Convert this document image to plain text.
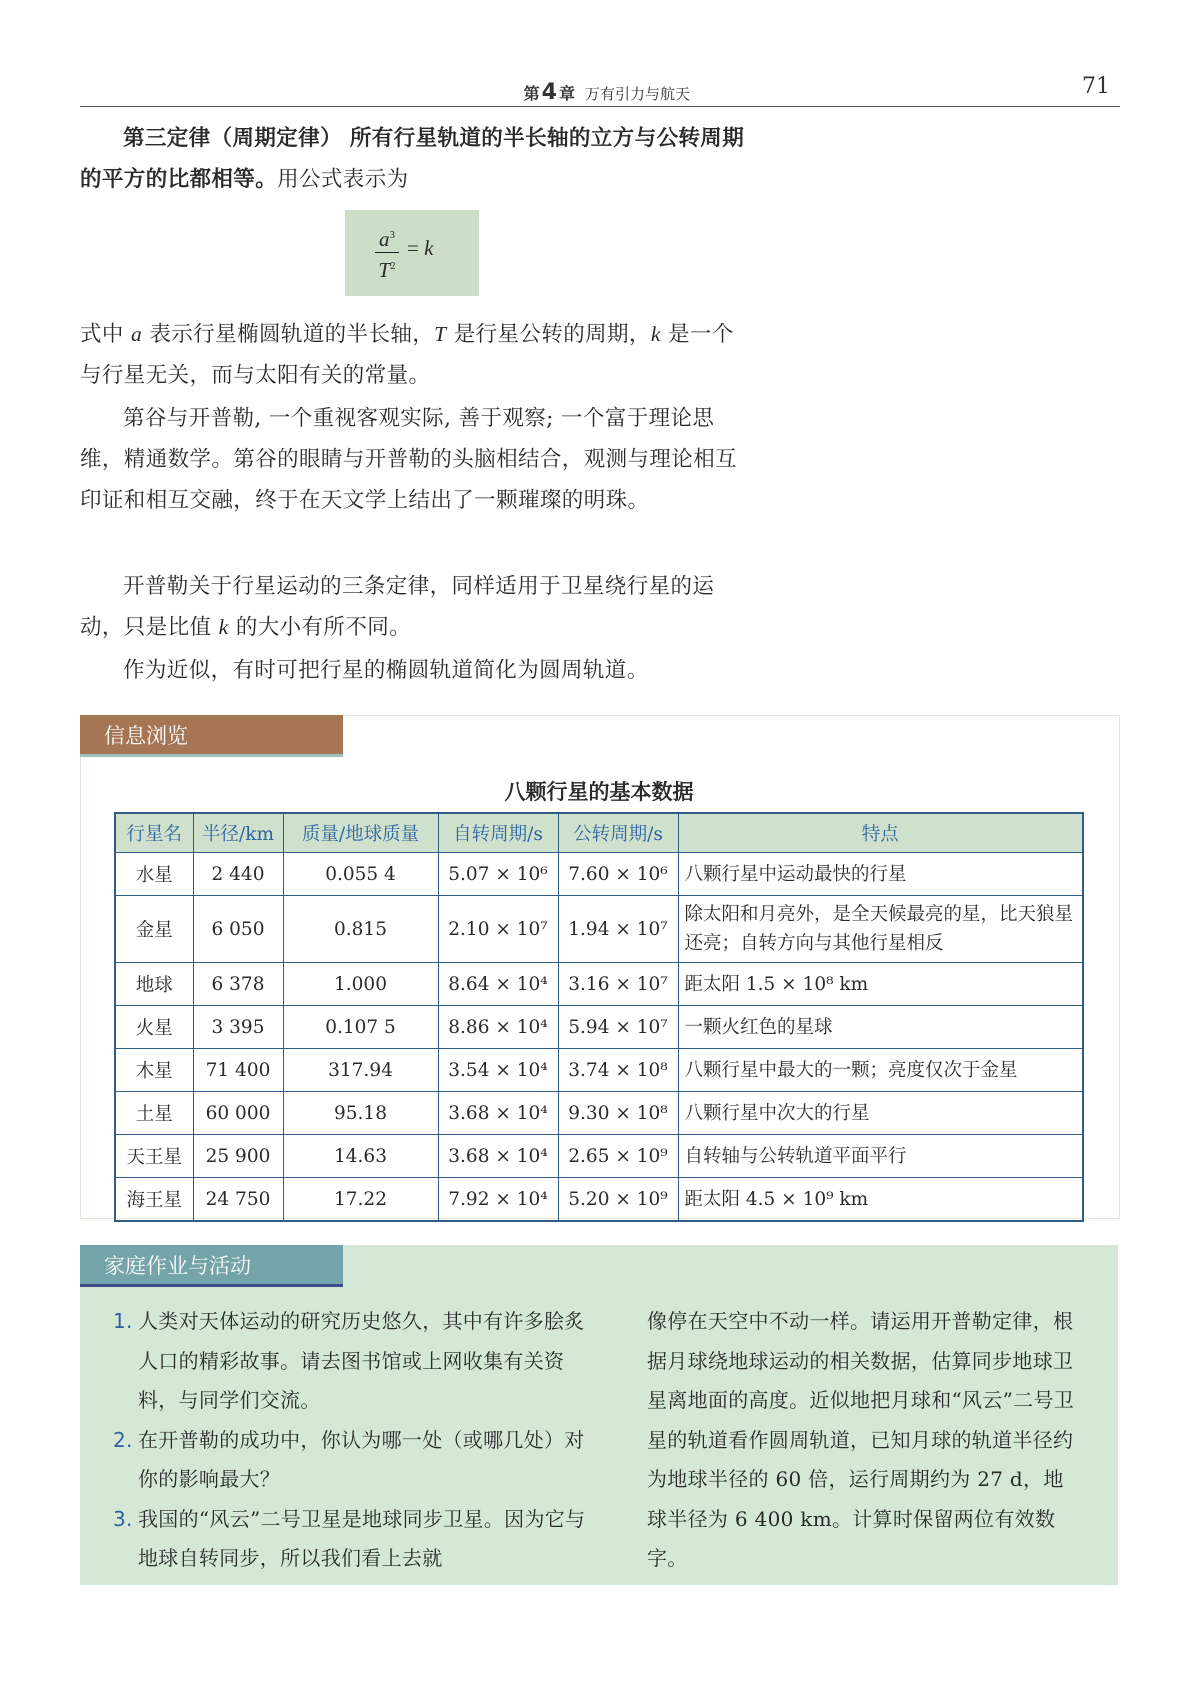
第4 章 万有引力与航天	71

第三定律（周期定律） 所有行星轨道的半长轴的立方与公转周期的平方的比都相等。用公式表示为

$\frac{a^3}{T^2} = k$

式中 a 表示行星椭圆轨道的半长轴，T 是行星公转的周期，k 是一个与行星无关，而与太阳有关的常量。

第谷与开普勒, 一个重视客观实际, 善于观察; 一个富于理论思维，精通数学。第谷的眼睛与开普勒的头脑相结合，观测与理论相互印证和相互交融，终于在天文学上结出了一颗璀璨的明珠。

开普勒关于行星运动的三条定律，同样适用于卫星绕行星的运动，只是比值 k 的大小有所不同。

作为近似，有时可把行星的椭圆轨道简化为圆周轨道。

信息浏览
八颗行星的基本数据
行星名	半径/km	质量/地球质量	自转周期/s	公转周期/s	特点
水星	2 440	0.055 4	5.07 × 10⁶	7.60 × 10⁶	八颗行星中运动最快的行星
金星	6 050	0.815	2.10 × 10⁷	1.94 × 10⁷	除太阳和月亮外，是全天候最亮的星，比天狼星还亮；自转方向与其他行星相反
地球	6 378	1.000	8.64 × 10⁴	3.16 × 10⁷	距太阳 1.5 × 10⁸ km
火星	3 395	0.107 5	8.86 × 10⁴	5.94 × 10⁷	一颗火红色的星球
木星	71 400	317.94	3.54 × 10⁴	3.74 × 10⁸	八颗行星中最大的一颗；亮度仅次于金星
土星	60 000	95.18	3.68 × 10⁴	9.30 × 10⁸	八颗行星中次大的行星
天王星	25 900	14.63	3.68 × 10⁴	2.65 × 10⁹	自转轴与公转轨道平面平行
海王星	24 750	17.22	7.92 × 10⁴	5.20 × 10⁹	距太阳 4.5 × 10⁹ km
家庭作业与活动

1. 人类对天体运动的研究历史悠久，其中有许多脍炙人口的精彩故事。请去图书馆或上网收集有关资料，与同学们交流。

2. 在开普勒的成功中，你认为哪一处（或哪几处）对你的影响最大？

3. 我国的“风云”二号卫星是地球同步卫星。因为它与地球自转同步，所以我们看上去就

像停在天空中不动一样。请运用开普勒定律，根据月球绕地球运动的相关数据，估算同步地球卫星离地面的高度。近似地把月球和“风云”二号卫星的轨道看作圆周轨道，已知月球的轨道半径约为地球半径的 60 倍，运行周期约为 27 d，地球半径为 6 400 km。计算时保留两位有效数字。
